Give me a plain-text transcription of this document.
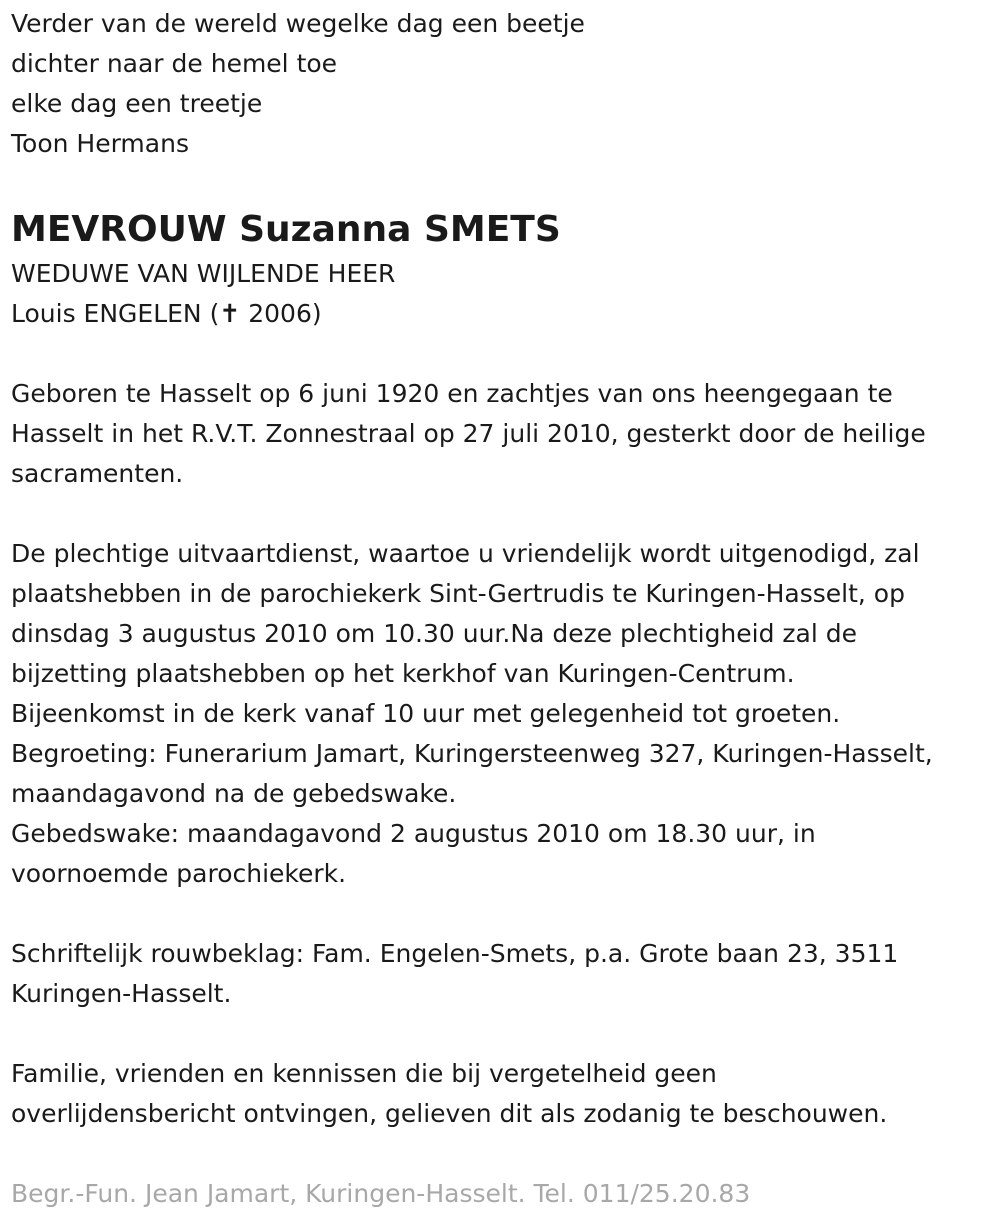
Verder van de wereld wegelke dag een beetje
dichter naar de hemel toe
elke dag een treetje
Toon Hermans
MEVROUW Suzanna SMETS
WEDUWE VAN WIJLENDE HEER
Louis ENGELEN (✝ 2006)
Geboren te Hasselt op 6 juni 1920 en zachtjes van ons heengegaan te
Hasselt in het R.V.T. Zonnestraal op 27 juli 2010, gesterkt door de heilige
sacramenten.
De plechtige uitvaartdienst, waartoe u vriendelijk wordt uitgenodigd, zal
plaatshebben in de parochiekerk Sint-Gertrudis te Kuringen-Hasselt, op
dinsdag 3 augustus 2010 om 10.30 uur.Na deze plechtigheid zal de
bijzetting plaatshebben op het kerkhof van Kuringen-Centrum.
Bijeenkomst in de kerk vanaf 10 uur met gelegenheid tot groeten.
Begroeting: Funerarium Jamart, Kuringersteenweg 327, Kuringen-Hasselt,
maandagavond na de gebedswake.
Gebedswake: maandagavond 2 augustus 2010 om 18.30 uur, in
voornoemde parochiekerk.
Schriftelijk rouwbeklag: Fam. Engelen-Smets, p.a. Grote baan 23, 3511
Kuringen-Hasselt.
Familie, vrienden en kennissen die bij vergetelheid geen
overlijdensbericht ontvingen, gelieven dit als zodanig te beschouwen.
Begr.-Fun. Jean Jamart, Kuringen-Hasselt. Tel. 011/25.20.83
